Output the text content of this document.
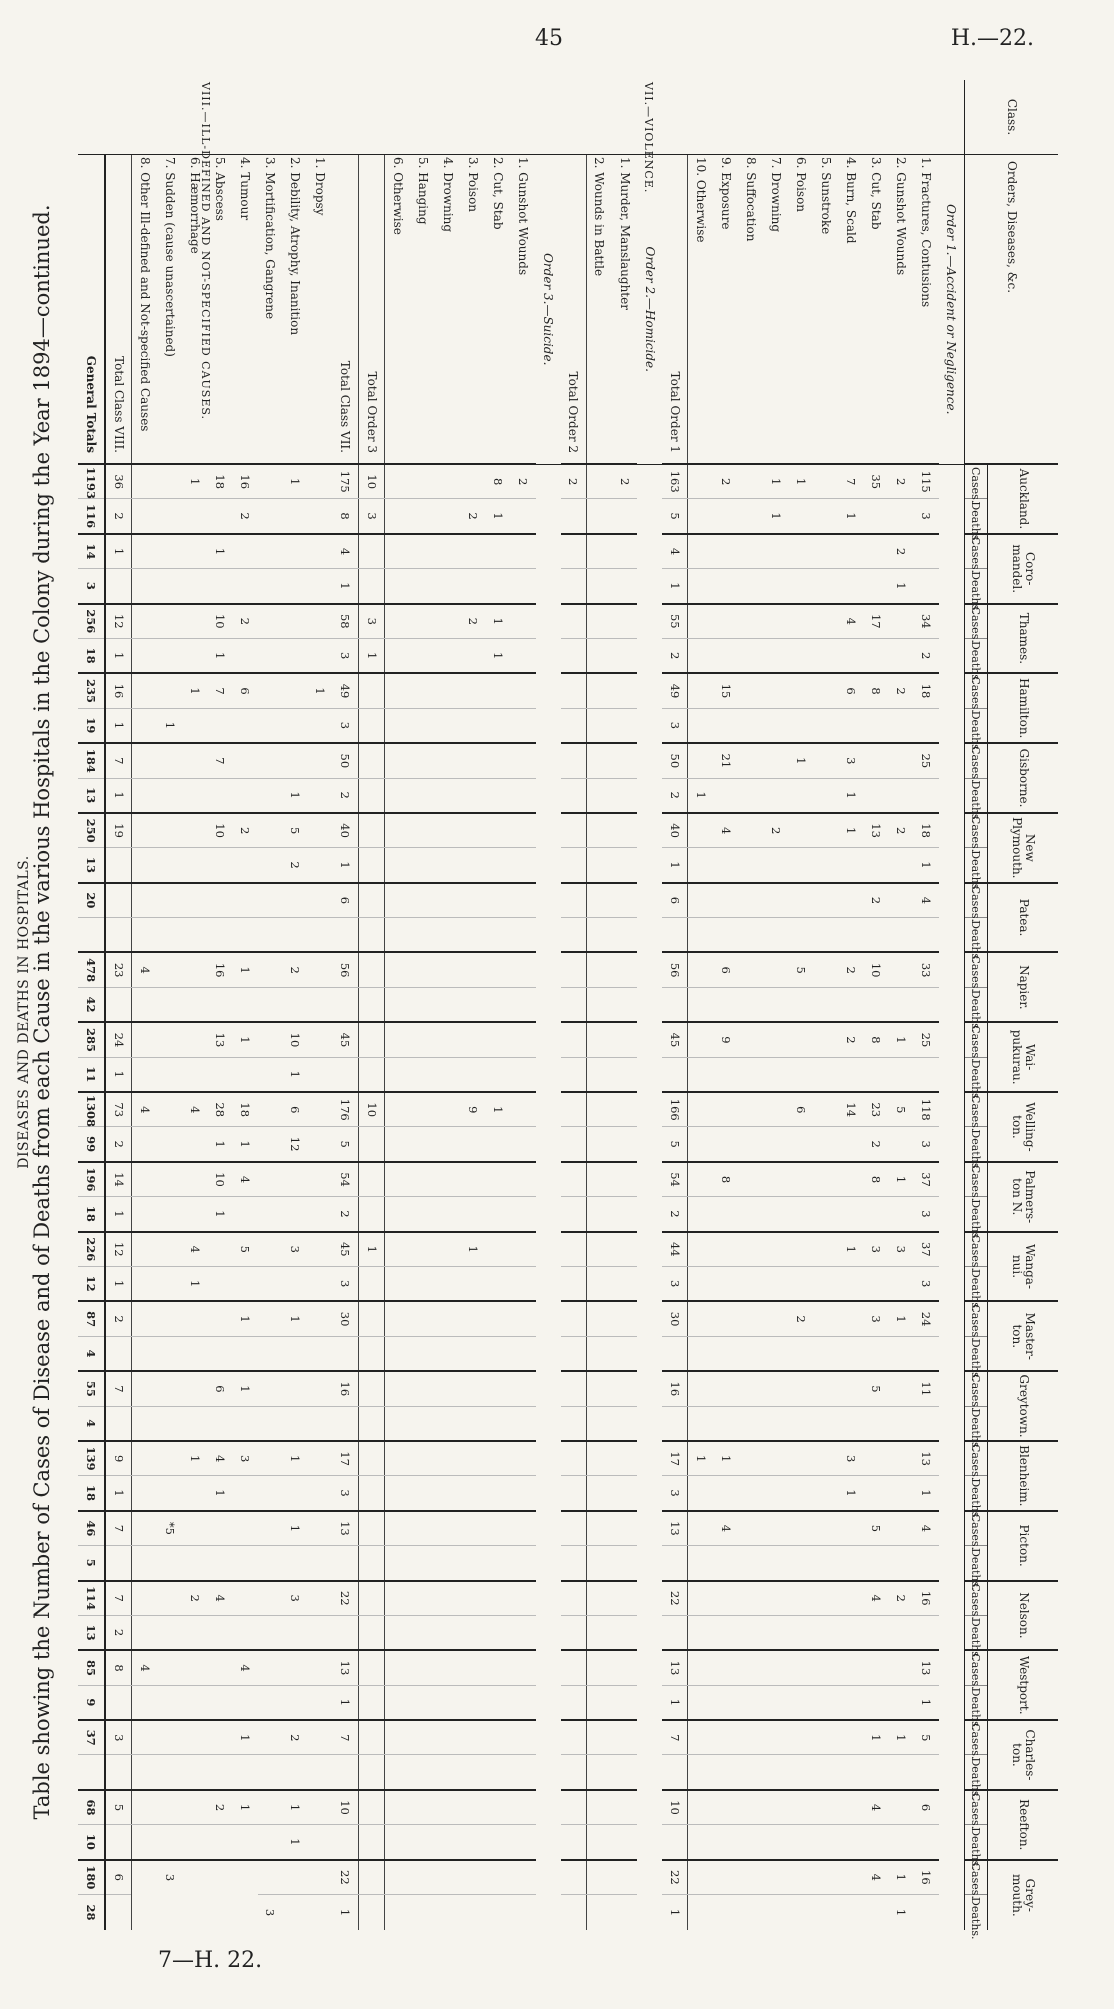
45	H.—22.
Table showing the Number of Cases of Disease and of Deaths from each Cause in the various Hospitals in the Colony during the Year 1894—continued.
DISEASES AND DEATHS IN HOSPITALS.
Class.	Orders, Diseases, &c.	Auckland.		Coro-mandel.		Thames.		Hamilton.		Gisborne.		New Plymouth.		Patea.		Napier.		Wai-pukurau.		Welling-ton.		Palmers-ton N.		Wanga-nui.		Master-ton.		Greytown.		Blenheim.		Picton.		Nelson.		Westport.		Charles-ton.		Reefton.		Grey-mouth.	
		Cases.	Deaths.	Cases.	Deaths.	Cases.	Deaths.	Cases.	Deaths.	Cases.	Deaths.	Cases.	Deaths.	Cases.	Deaths.	Cases.	Deaths.	Cases.	Deaths.	Cases.	Deaths.	Cases.	Deaths.	Cases.	Deaths.	Cases.	Deaths.	Cases.	Deaths.	Cases.	Deaths.	Cases.	Deaths.	Cases.	Deaths.	Cases.	Deaths.	Cases.	Deaths.	Cases.	Deaths.	Cases.	Deaths.
VII.—VIOLENCE.	Order 1.—Accident or Negligence.																																										
	1. Fractures, Contusions	115	3			34	2	18		25		18	1	4		33		25		118	3	37	3	37	3	24		11		13	1	4		16		13	1	5		6		16	
	2. Gunshot Wounds	2		2	1			2				2						1		5		1		3		1								2				1				1	1
	3. Cut, Stab	35				17		8				13		2		10		8		23	2	8		3		3		5				5		4				1		4		4	
	4. Burn, Scald	7	1			4		6		3	1	1				2		2		14				1						3	1												
	5. Sunstroke																																										
	6. Poison	1								1						5				6						2																	
	7. Drowning	1	1									2																															
	8. Suffocation																																										
	9. Exposure	2						15		21		4				6		9				8								1		4											
	10. Otherwise										1																			1													
	Total Order 1	163	5	4	1	55	2	49	3	50	2	40	1	6		56		45		166	5	54	2	44	3	30		16		17	3	13		22		13	1	7		10		22	1
	Order 2.—Homicide.																																										
	1. Murder, Manslaughter	2																																									
	2. Wounds in Battle																																										
	Total Order 2	2																																									
	Order 3.—Suicide.																																										
	1. Gunshot Wounds	2																																									
	2. Cut, Stab	8	1			1	1													1																							
	3. Poison		2			2														9				1																			
	4. Drowning																																										
	5. Hanging																																										
	6. Otherwise																																										
	Total Order 3	10	3			3	1													10				1																			
	Total Class VII.	175	8	4	1	58	3	49	3	50	2	40	1	6		56		45		176	5	54	2	45	3	30		16		17	3	13		22		13	1	7		10		22	1
VIII.—ILL-DEFINED AND NOT-SPECIFIED CAUSES.	1. Dropsy							1																																			
	2. Debility, Atrophy, Inanition	1									1	5	2			2		10	1	6	12			3		1				1		1		3				2		1	1		
	3. Mortification, Gangrene																																										3
	4. Tumour	16	2			2		6				2				1		1		18	1	4		5		1		1		3						4		1		1			
	5. Abscess	18		1		10	1	7		7		10				16		13		28	1	10	1					6		4	1			4						2			
	6. Hæmorrhage	1						1												4				4	1					1				2									
	7. Sudden (cause unascertained)								1																							*5										3	
	8. Other Ill-defined and Not-specified Causes															4				4																4							
	Total Class VIII.	36	2	1		12	1	16	1	7	1	19				23		24	1	73	2	14	1	12	1	2		7		9	1	7		7	2	8		3		5		6	
	General Totals	1193	116	14	3	256	18	235	19	184	13	250	13	20		478	42	285	11	1308	99	196	18	226	12	87	4	55	4	139	18	46	5	114	13	85	9	37		68	10	180	28
7—H. 22.
